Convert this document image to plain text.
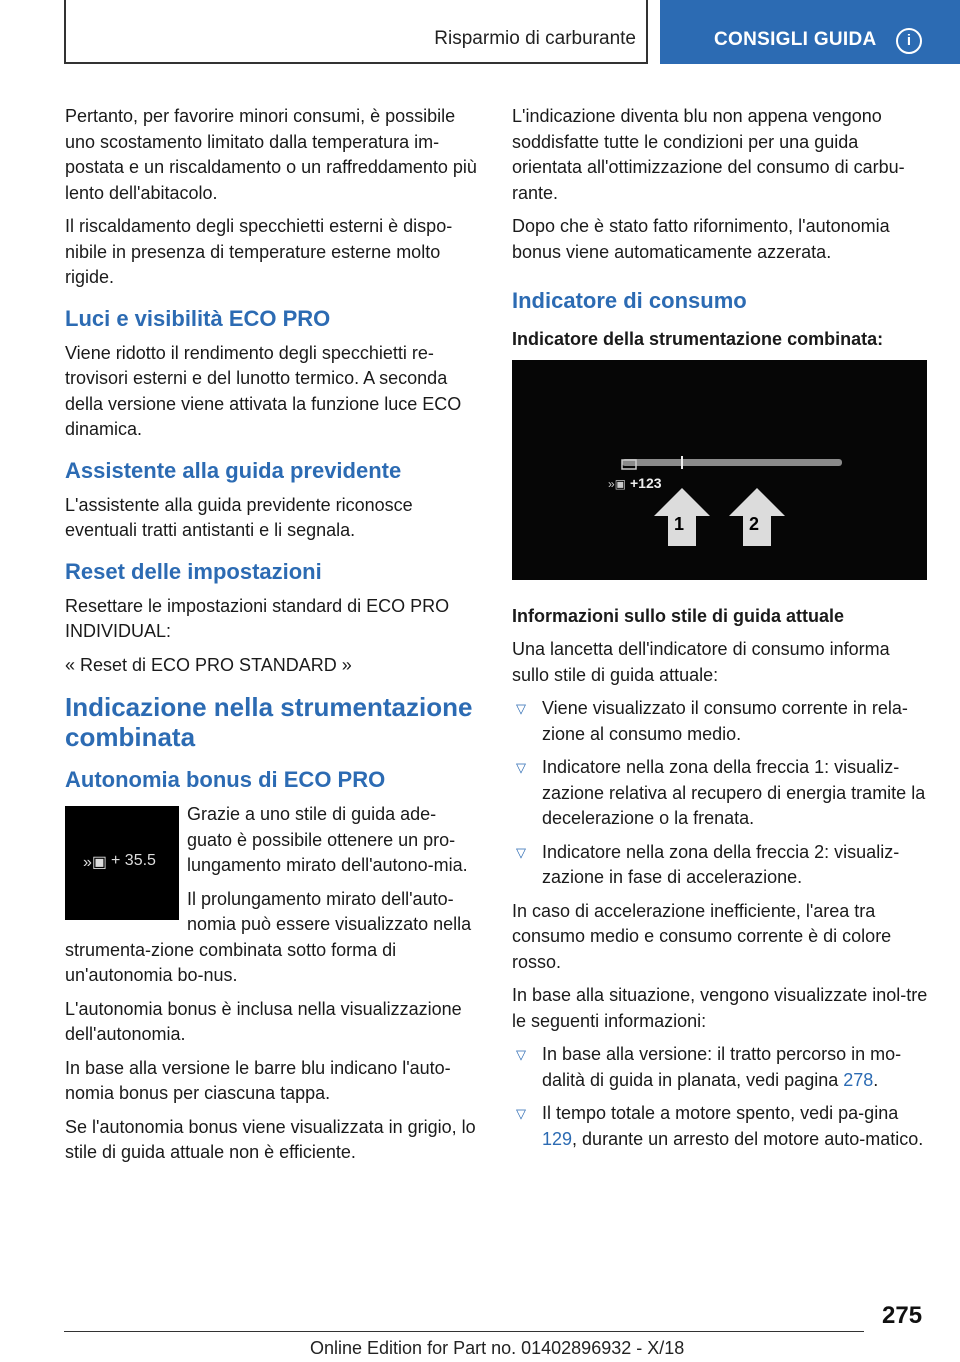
Risparmio di carburante	CONSIGLI GUIDA	i

Pertanto, per favorire minori consumi, è possibile uno scostamento limitato dalla temperatura im-postata e un riscaldamento o un raffreddamento più lento dell'abitacolo.

Il riscaldamento degli specchietti esterni è dispo-nibile in presenza di temperature esterne molto rigide.

Luci e visibilità ECO PRO

Viene ridotto il rendimento degli specchietti re-trovisori esterni e del lunotto termico. A seconda della versione viene attivata la funzione luce ECO dinamica.

Assistente alla guida previdente

L'assistente alla guida previdente riconosce eventuali tratti antistanti e li segnala.

Reset delle impostazioni

Resettare le impostazioni standard di ECO PRO INDIVIDUAL:

« Reset di ECO PRO STANDARD »

Indicazione nella strumentazione combinata
Autonomia bonus di ECO PRO
»▣ + 35.5

Grazie a uno stile di guida ade-guato è possibile ottenere un pro-lungamento mirato dell'autono-mia.

Il prolungamento mirato dell'auto-nomia può essere visualizzato nella strumenta-zione combinata sotto forma di un'autonomia bo-nus.

L'autonomia bonus è inclusa nella visualizzazione dell'autonomia.

In base alla versione le barre blu indicano l'auto-nomia bonus per ciascuna tappa.

Se l'autonomia bonus viene visualizzata in grigio, lo stile di guida attuale non è efficiente.

L'indicazione diventa blu non appena vengono soddisfatte tutte le condizioni per una guida orientata all'ottimizzazione del consumo di carbu-rante.

Dopo che è stato fatto rifornimento, l'autonomia bonus viene automaticamente azzerata.

Indicatore di consumo
Indicatore della strumentazione combinata:
»▣ +123
1	2
Informazioni sullo stile di guida attuale

Una lancetta dell'indicatore di consumo informa sullo stile di guida attuale:

▽ Viene visualizzato il consumo corrente in rela-zione al consumo medio.
▽ Indicatore nella zona della freccia 1: visualiz-zazione relativa al recupero di energia tramite la decelerazione o la frenata.
▽ Indicatore nella zona della freccia 2: visualiz-zazione in fase di accelerazione.

In caso di accelerazione inefficiente, l'area tra consumo medio e consumo corrente è di colore rosso.

In base alla situazione, vengono visualizzate inol-tre le seguenti informazioni:

▽ In base alla versione: il tratto percorso in mo-dalità di guida in planata, vedi pagina 278.
▽ Il tempo totale a motore spento, vedi pa-gina 129, durante un arresto del motore auto-matico.
275
Online Edition for Part no. 01402896932 - X/18
